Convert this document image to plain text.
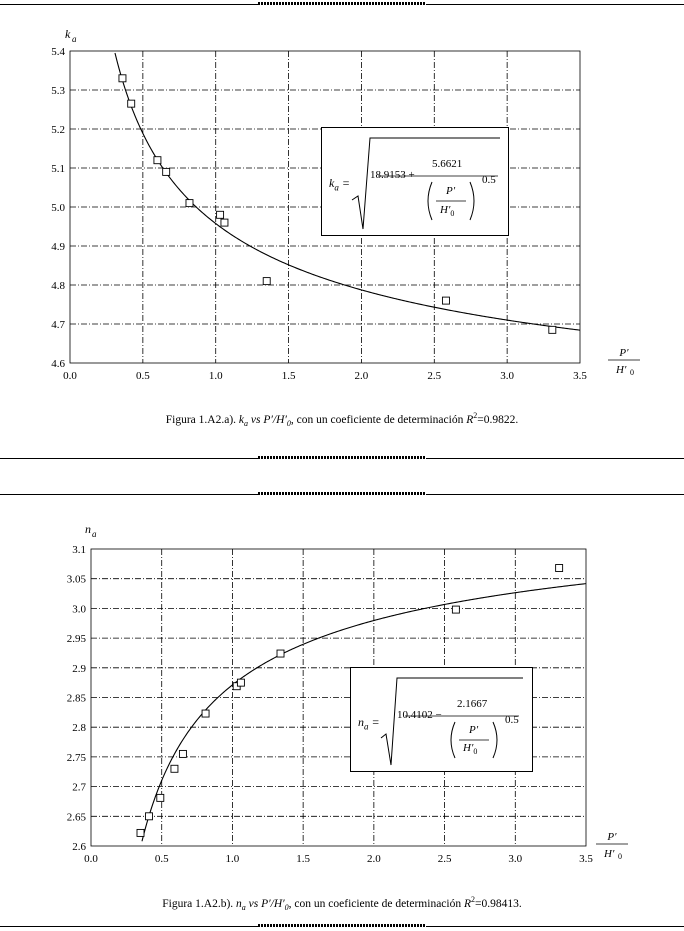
4.6
4.7
4.8
4.9
5.0
5.1
5.2
5.3
5.4
0.0	0.5	1.0	1.5	2.0	2.5	3.0	3.5
k a
P′
H′ 0
$k_a$ =
18.9153 +
5.6621
0.5
P′
$H'_0$
Figura 1.A2.a). $k_a$ vs $P'/H'_0$, con un coeficiente de determinación $R^2=0.9822$.
2.6
2.65
2.7
2.75
2.8
2.85
2.9
2.95
3.0
3.05
3.1
0.0	0.5	1.0	1.5	2.0	2.5	3.0	3.5
n a
P′
H′ 0
$n_a = 10.4102$ −
2.1667
0.5
P′
$H'_0$
Figura 1.A2.b). $n_a$ vs $P'/H'_0$, con un coeficiente de determinación $R^2=0.98413$.
